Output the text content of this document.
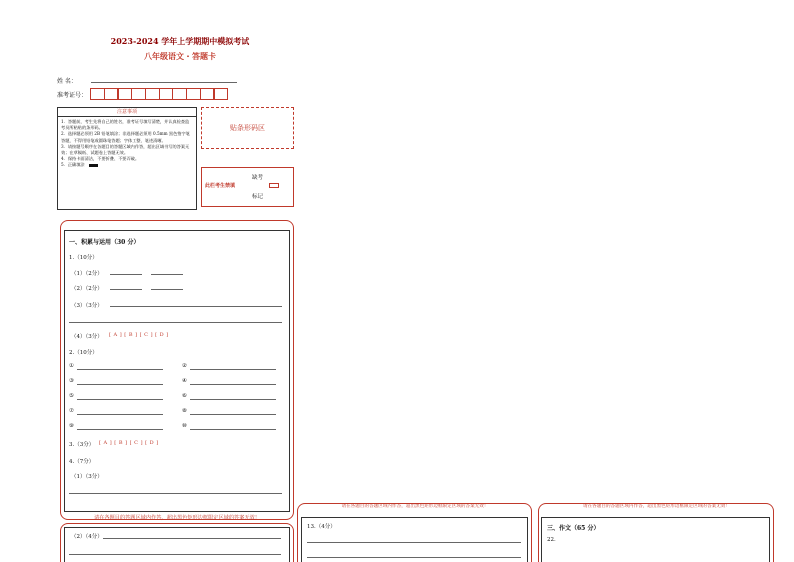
2023-2024 学年上学期期中模拟考试
八年级语文・答题卡
姓 名：
准考证号：
注意事项
1．答题前，考生先将自己的姓名，准考证号填写清楚，并认真检查监考员所粘贴的条形码。
2．选择题必须用 2B 铅笔填涂；非选择题必须用 0.5mm 黑色签字笔答题，不得用铅笔或圆珠笔答题；字体工整、笔迹清晰。
3．请按题号顺序在各题目的答题区域内作答，超出区域书写的答案无效；在草稿纸、试题卷上答题无效。
4．保持卡面清洁，不要折叠、不要弄破。
5．正确填涂
贴条形码区
缺考
此栏考生禁填
标记
一、积累与运用（30 分）
1.（10分）
（1）（2分）
（2）（2分）
（3）（3分）
（4）（3分） [ A ] [ B ] [ C ] [ D ]
2.（10分）
①	②
③	④
⑤	⑥
⑦	⑧
⑨	⑩
3.（3分） [ A ] [ B ] [ C ] [ D ]
4.（7分）
（1）（3分）
请在各题目的答题区域内作答，超出黑色矩形边框限定区域的答案无效！
（2）（4分）
请在各题目的答题区域内作答，超出黑色矩形边框限定区域的答案无效！
13.（4分）
请在各题目的答题区域内作答，超出黑色矩形边框限定区域的答案无效！
三、作文（65 分）
22.
